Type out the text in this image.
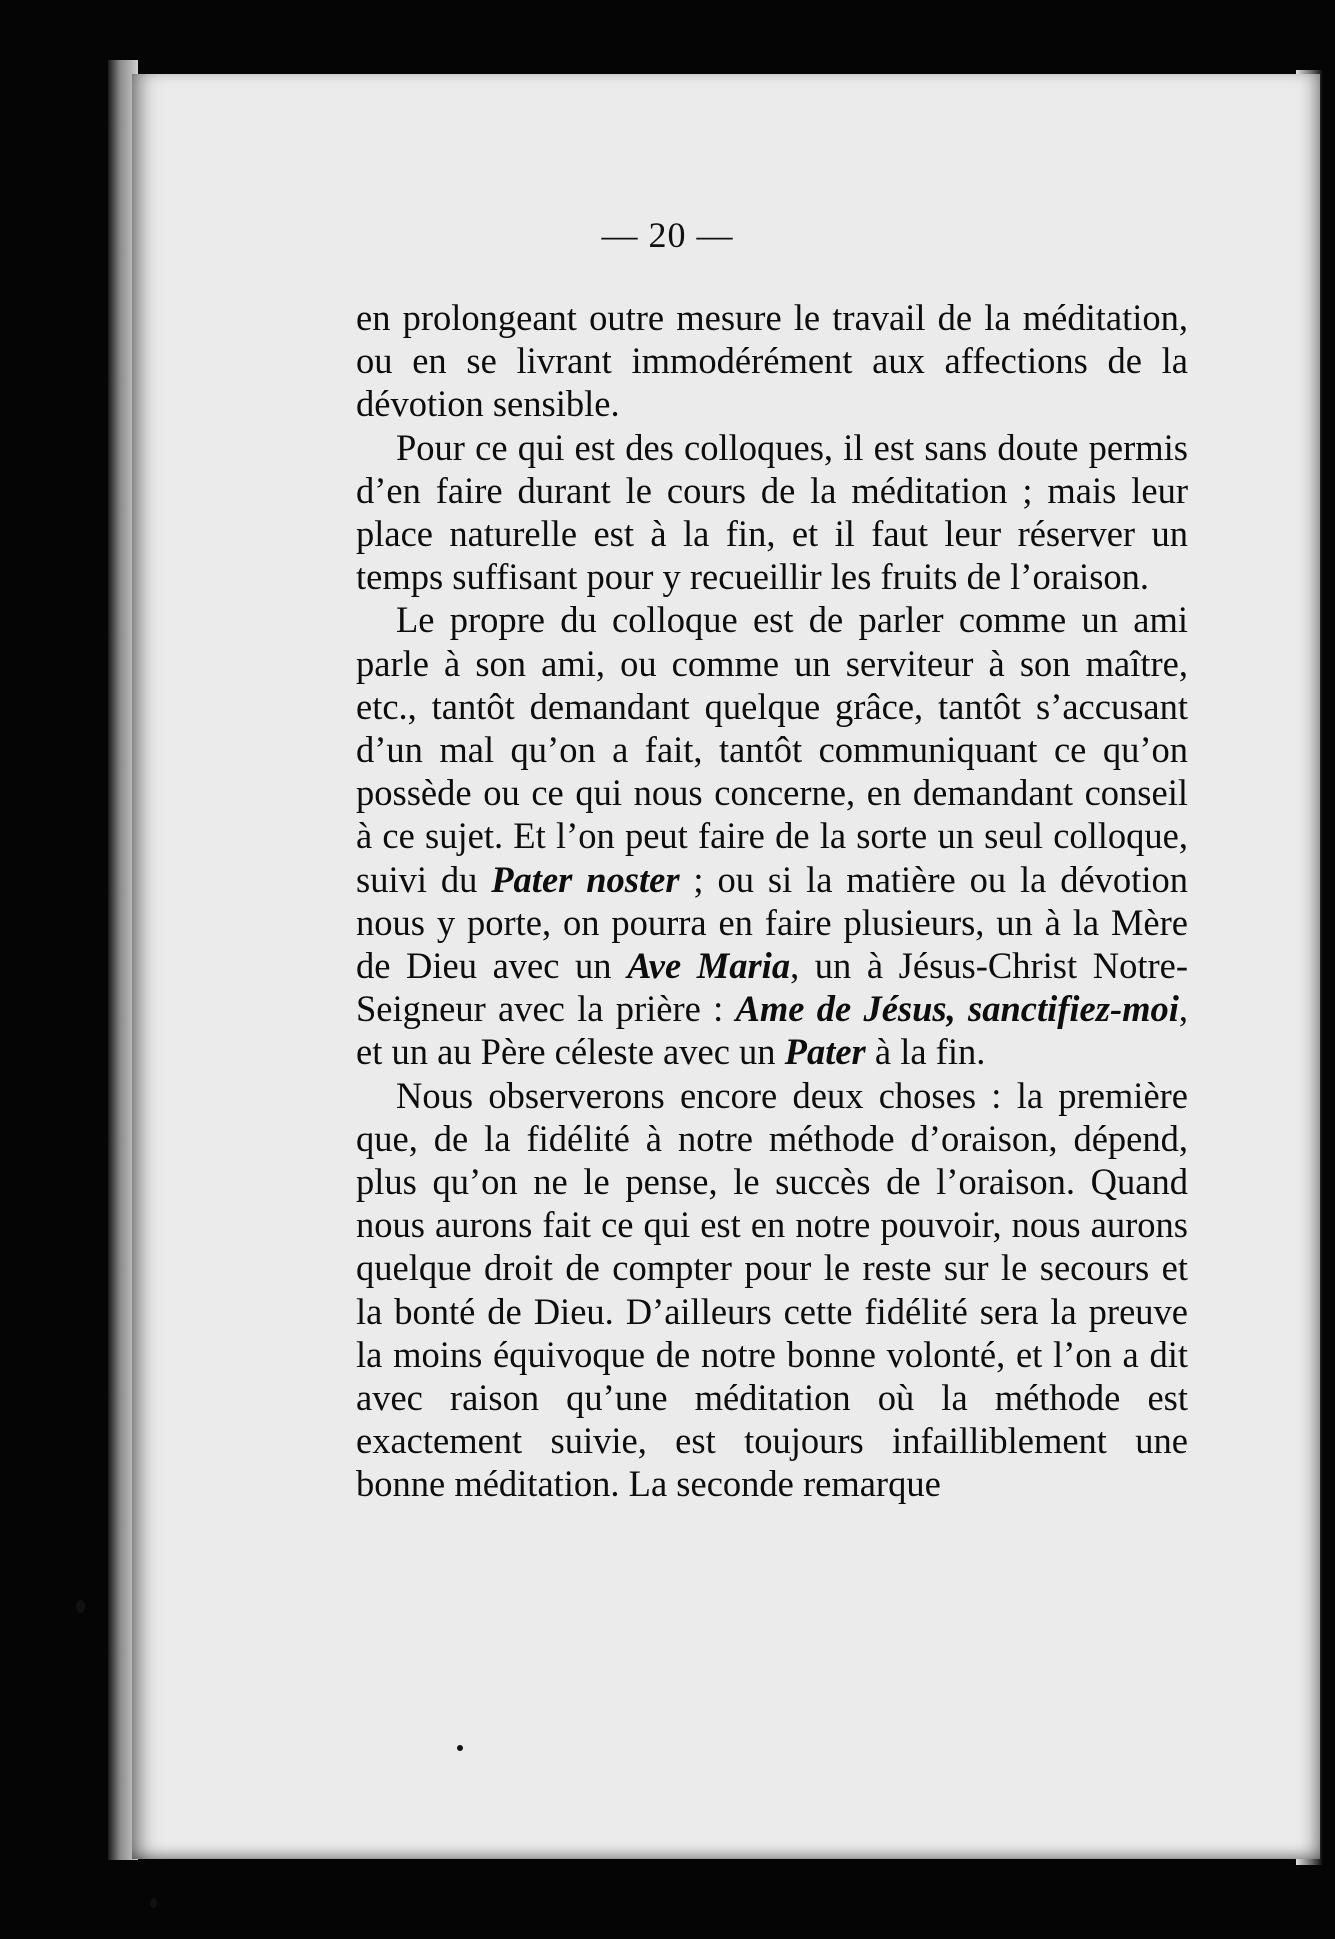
— 20 —

en prolongeant outre mesure le travail de la méditation, ou en se livrant immodérément aux affections de la dévotion sensible.

Pour ce qui est des colloques, il est sans doute permis d’en faire durant le cours de la méditation ; mais leur place naturelle est à la fin, et il faut leur réserver un temps suffisant pour y recueillir les fruits de l’oraison.

Le propre du colloque est de parler comme un ami parle à son ami, ou comme un serviteur à son maître, etc., tantôt demandant quelque grâce, tantôt s’accusant d’un mal qu’on a fait, tantôt communiquant ce qu’on possède ou ce qui nous concerne, en demandant conseil à ce sujet. Et l’on peut faire de la sorte un seul colloque, suivi du Pater noster ; ou si la matière ou la dévotion nous y porte, on pourra en faire plusieurs, un à la Mère de Dieu avec un Ave Maria, un à Jésus-Christ Notre-Seigneur avec la prière : Ame de Jésus, sanctifiez-moi, et un au Père céleste avec un Pater à la fin.

Nous observerons encore deux choses : la première que, de la fidélité à notre méthode d’oraison, dépend, plus qu’on ne le pense, le succès de l’oraison. Quand nous aurons fait ce qui est en notre pouvoir, nous aurons quelque droit de compter pour le reste sur le secours et la bonté de Dieu. D’ailleurs cette fidélité sera la preuve la moins équivoque de notre bonne volonté, et l’on a dit avec raison qu’une méditation où la méthode est exactement suivie, est toujours infailliblement une bonne méditation. La seconde remarque
